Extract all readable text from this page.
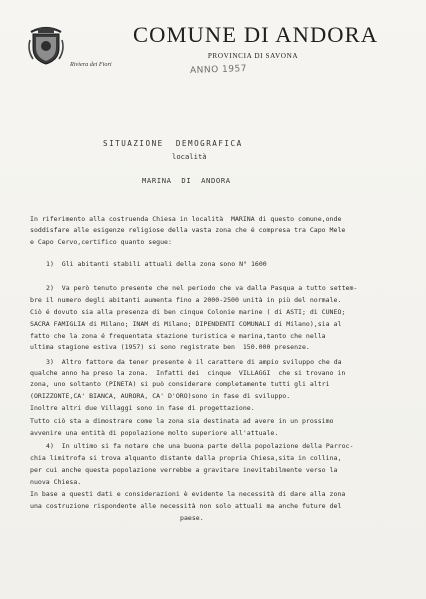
Riviera dei Fiori
COMUNE DI ANDORA
PROVINCIA DI SAVONA
ANNO 1957
SITUAZIONE  DEMOGRAFICA
località
MARINA  DI  ANDORA
In riferimento alla costruenda Chiesa in località  MARINA di questo comune,onde
soddisfare alle esigenze religiose della vasta zona che é compresa tra Capo Mele
e Capo Cervo,certifico quanto segue:
1)  Gli abitanti stabili attuali della zona sono N° 1600
2)  Va però tenuto presente che nel periodo che va dalla Pasqua a tutto settem-
bre il numero degli abitanti aumenta fino a 2000-2500 unità in più del normale.
Ciò é dovuto sia alla presenza di ben cinque Colonie marine ( di ASTI; di CUNEO;
SACRA FAMIGLIA di Milano; INAM di Milano; DIPENDENTI COMUNALI di Milano),sia al
fatto che la zona é frequentata stazione turistica e marina,tanto che nella
ultima stagione estiva (1957) si sono registrate ben  150.000 presenze.
3)  Altro fattore da tener presente è il carattere di ampio sviluppo che da
qualche anno ha preso la zona.  Infatti dei  cinque  VILLAGGI  che si trovano in
zona, uno soltanto (PINETA) si può considerare completamente tutti gli altri
(ORIZZONTE,CA' BIANCA, AURORA, CA' D'ORO)sono in fase di sviluppo.
Inoltre altri due Villaggi sono in fase di progettazione.
Tutto ciò sta a dimostrare come la zona sia destinata ad avere in un prossimo
avvenire una entità di popolazione molto superiore all'attuale.
4)  In ultimo si fa notare che una buona parte della popolazione della Parroc-
chia limitrofa si trova alquanto distante dalla propria Chiesa,sita in collina,
per cui anche questa popolazione verrebbe a gravitare inevitabilmente verso la
nuova Chiesa.
In base a questi dati e considerazioni è evidente la necessità di dare alla zona
una costruzione rispondente alle necessità non solo attuali ma anche future del
paese.
